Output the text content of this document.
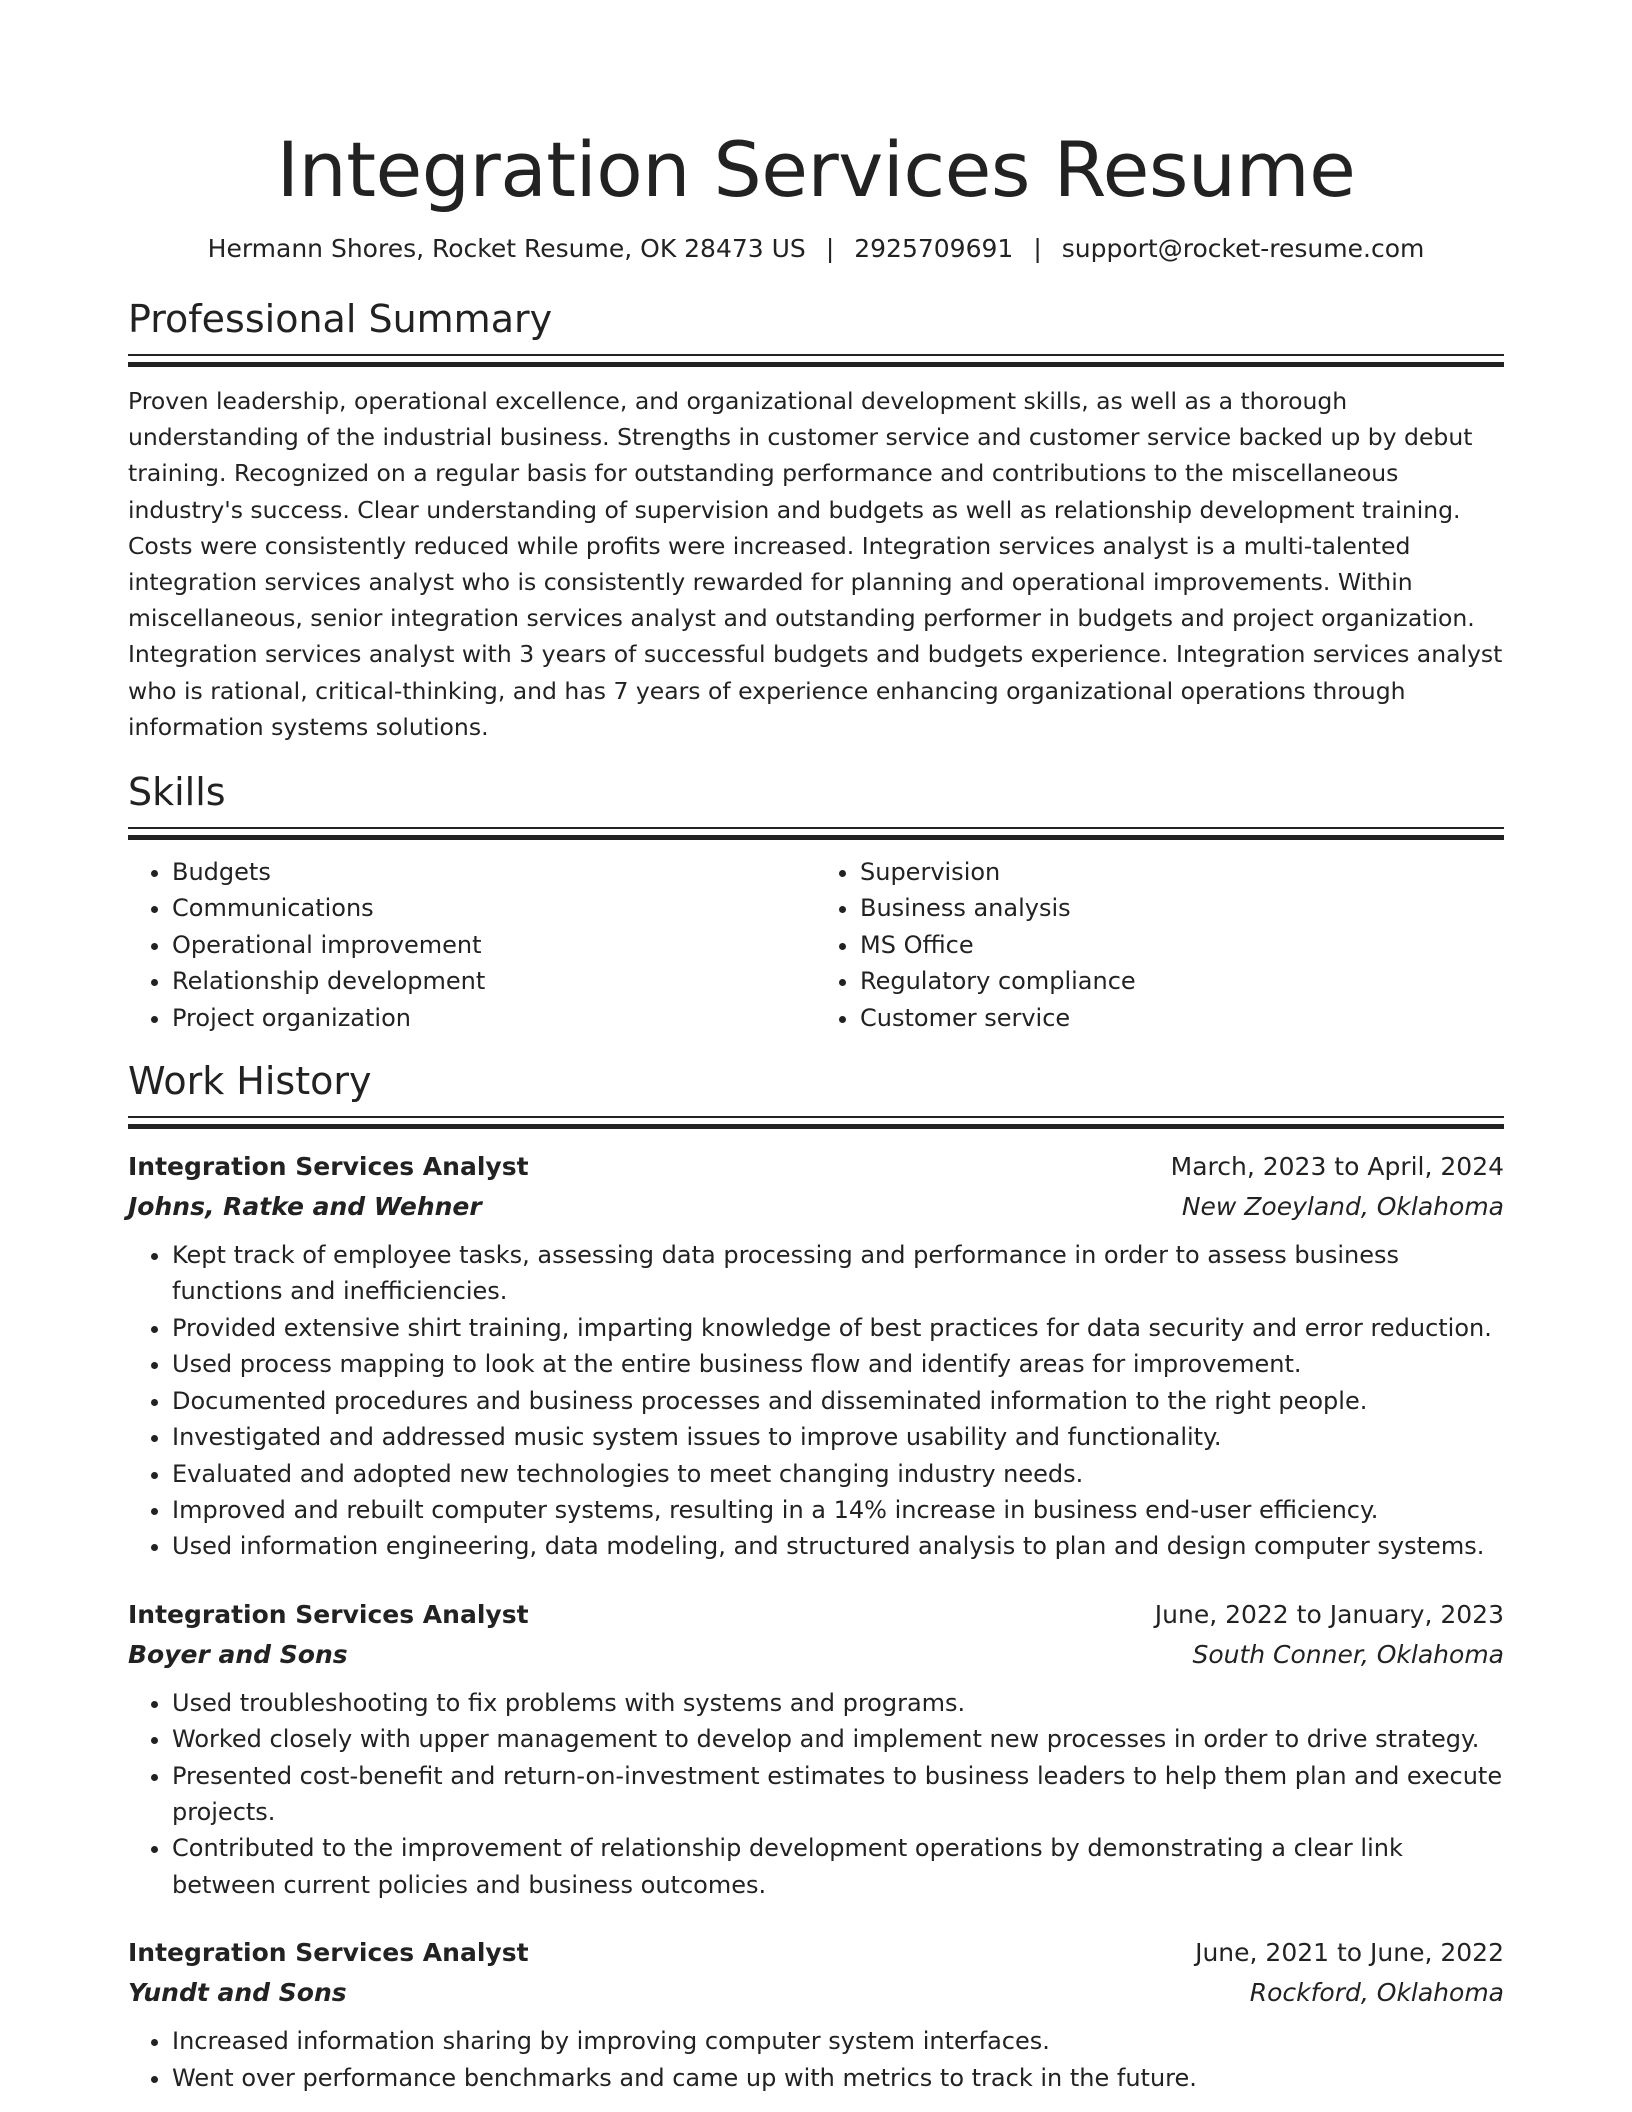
Integration Services Resume
Hermann Shores, Rocket Resume, OK 28473 US | 2925709691 | support@rocket-resume.com
Professional Summary

Proven leadership, operational excellence, and organizational development skills, as well as a thorough understanding of the industrial business. Strengths in customer service and customer service backed up by debut training. Recognized on a regular basis for outstanding performance and contributions to the miscellaneous industry's success. Clear understanding of supervision and budgets as well as relationship development training. Costs were consistently reduced while profits were increased. Integration services analyst is a multi-talented integration services analyst who is consistently rewarded for planning and operational improvements. Within miscellaneous, senior integration services analyst and outstanding performer in budgets and project organization. Integration services analyst with 3 years of successful budgets and budgets experience. Integration services analyst who is rational, critical-thinking, and has 7 years of experience enhancing organizational operations through information systems solutions.

Skills
• Budgets
• Communications
• Operational improvement
• Relationship development
• Project organization
• Supervision
• Business analysis
• MS Office
• Regulatory compliance
• Customer service
Work History
Integration Services Analyst	March, 2023 to April, 2024
Johns, Ratke and Wehner	New Zoeyland, Oklahoma
• Kept track of employee tasks, assessing data processing and performance in order to assess business functions and inefficiencies.
• Provided extensive shirt training, imparting knowledge of best practices for data security and error reduction.
• Used process mapping to look at the entire business flow and identify areas for improvement.
• Documented procedures and business processes and disseminated information to the right people.
• Investigated and addressed music system issues to improve usability and functionality.
• Evaluated and adopted new technologies to meet changing industry needs.
• Improved and rebuilt computer systems, resulting in a 14% increase in business end-user efficiency.
• Used information engineering, data modeling, and structured analysis to plan and design computer systems.
Integration Services Analyst	June, 2022 to January, 2023
Boyer and Sons	South Conner, Oklahoma
• Used troubleshooting to fix problems with systems and programs.
• Worked closely with upper management to develop and implement new processes in order to drive strategy.
• Presented cost-benefit and return-on-investment estimates to business leaders to help them plan and execute projects.
• Contributed to the improvement of relationship development operations by demonstrating a clear link between current policies and business outcomes.
Integration Services Analyst	June, 2021 to June, 2022
Yundt and Sons	Rockford, Oklahoma
• Increased information sharing by improving computer system interfaces.
• Went over performance benchmarks and came up with metrics to track in the future.
